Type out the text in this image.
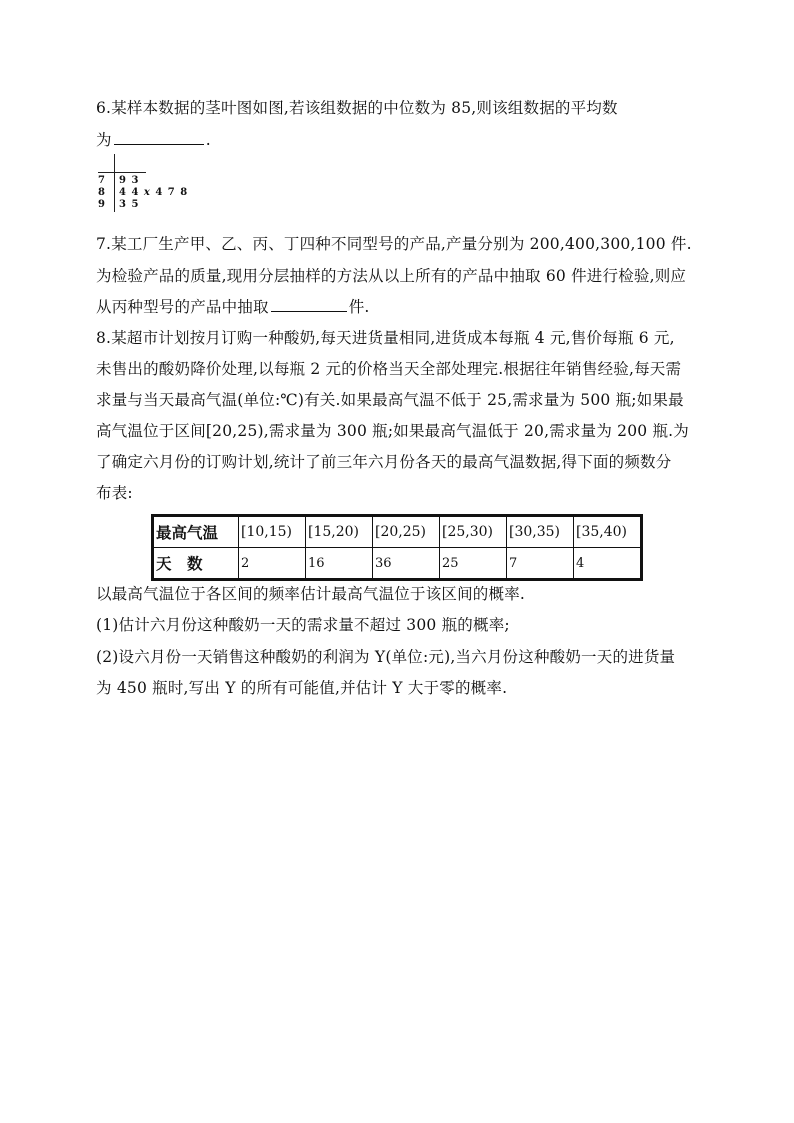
6.某样本数据的茎叶图如图,若该组数据的中位数为 85,则该组数据的平均数
为	.
7 9 3
8 4 4 x 4 7 8
9 3 5
7.某工厂生产甲、乙、丙、丁四种不同型号的产品,产量分别为 200,400,300,100 件.
为检验产品的质量,现用分层抽样的方法从以上所有的产品中抽取 60 件进行检验,则应
从丙种型号的产品中抽取	件.
8.某超市计划按月订购一种酸奶,每天进货量相同,进货成本每瓶 4 元,售价每瓶 6 元,
未售出的酸奶降价处理,以每瓶 2 元的价格当天全部处理完.根据往年销售经验,每天需
求量与当天最高气温(单位:℃)有关.如果最高气温不低于 25,需求量为 500 瓶;如果最
高气温位于区间[20,25),需求量为 300 瓶;如果最高气温低于 20,需求量为 200 瓶.为
了确定六月份的订购计划,统计了前三年六月份各天的最高气温数据,得下面的频数分
布表:
最高气温	[10,15)	[15,20)	[20,25)	[25,30)	[30,35)	[35,40)
天　数	2	16	36	25	7	4
以最高气温位于各区间的频率估计最高气温位于该区间的概率.
(1)估计六月份这种酸奶一天的需求量不超过 300 瓶的概率;
(2)设六月份一天销售这种酸奶的利润为 Y(单位:元),当六月份这种酸奶一天的进货量
为 450 瓶时,写出 Y 的所有可能值,并估计 Y 大于零的概率.
